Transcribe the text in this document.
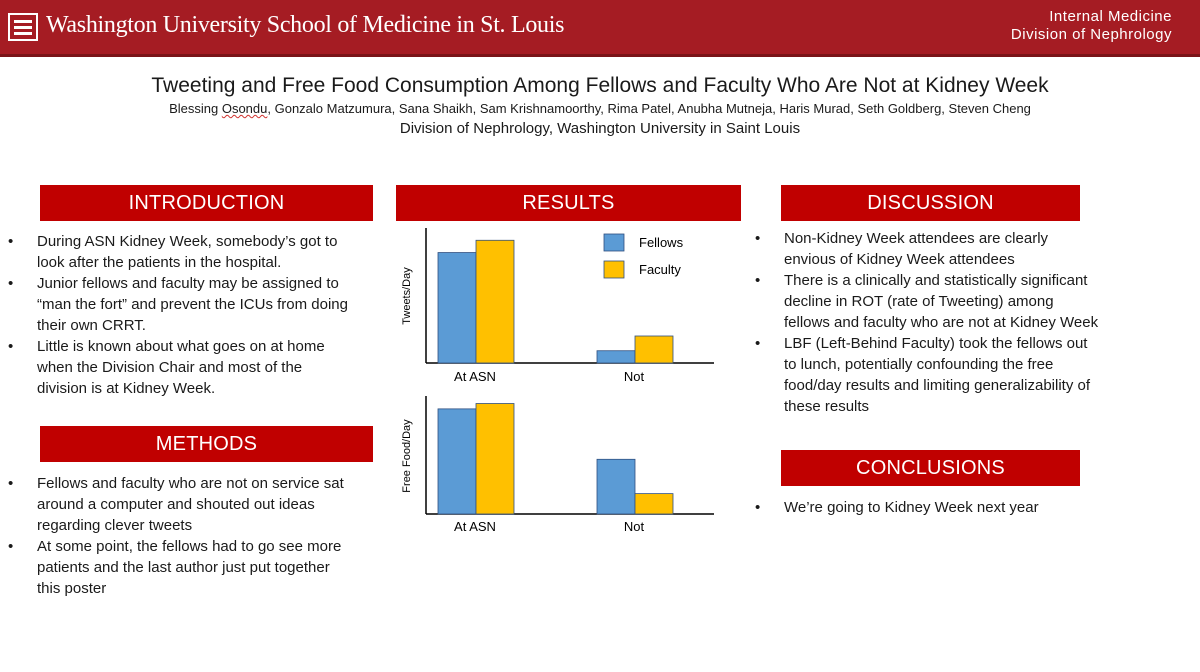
Washington University School of Medicine in St. Louis	Internal Medicine
Division of Nephrology
Tweeting and Free Food Consumption Among Fellows and Faculty Who Are Not at Kidney Week
Blessing Osondu, Gonzalo Matzumura, Sana Shaikh, Sam Krishnamoorthy, Rima Patel, Anubha Mutneja, Haris Murad, Seth Goldberg, Steven Cheng
Division of Nephrology, Washington University in Saint Louis
INTRODUCTION
• During ASN Kidney Week, somebody’s got to look after the patients in the hospital.
• Junior fellows and faculty may be assigned to “man the fort” and prevent the ICUs from doing their own CRRT.
• Little is known about what goes on at home when the Division Chair and most of the division is at Kidney Week.
METHODS
• Fellows and faculty who are not on service sat around a computer and shouted out ideas regarding clever tweets
• At some point, the fellows had to go see more patients and the last author just put together this poster
RESULTS
Tweets/Day
At ASN	Not
Fellows
Faculty
Free Food/Day
At ASN	Not
DISCUSSION
• Non-Kidney Week attendees are clearly envious of Kidney Week attendees
• There is a clinically and statistically significant decline in ROT (rate of Tweeting) among fellows and faculty who are not at Kidney Week
• LBF (Left-Behind Faculty) took the fellows out to lunch, potentially confounding the free food/day results and limiting generalizability of these results
CONCLUSIONS
• We’re going to Kidney Week next year
